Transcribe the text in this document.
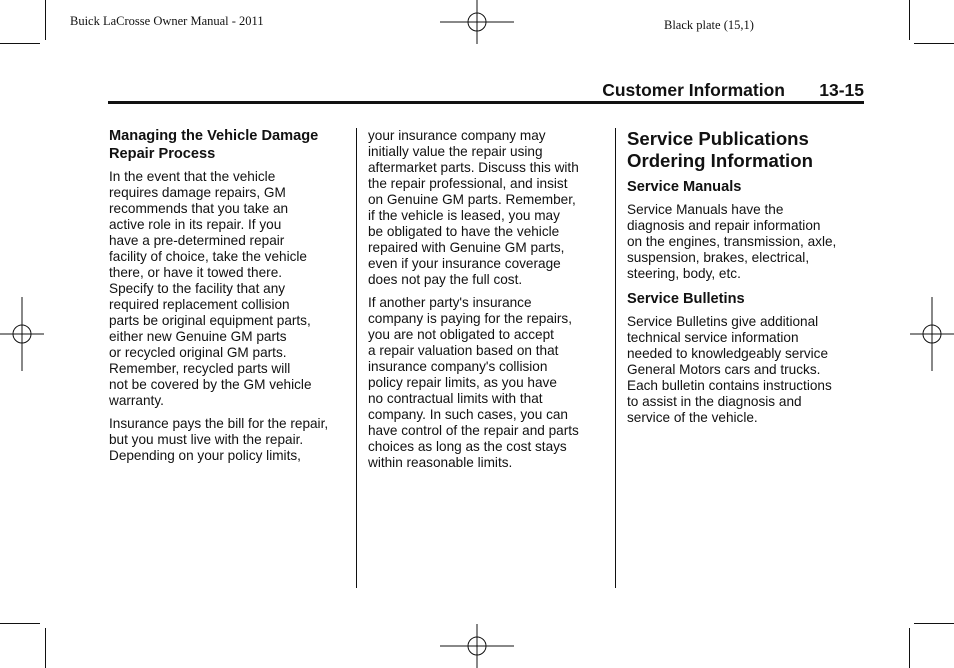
Buick LaCrosse Owner Manual - 2011	Black plate (15,1)
Customer Information 13-15
Managing the Vehicle Damage
Repair Process

In the event that the vehicle
requires damage repairs, GM
recommends that you take an
active role in its repair. If you
have a pre-determined repair
facility of choice, take the vehicle
there, or have it towed there.
Specify to the facility that any
required replacement collision
parts be original equipment parts,
either new Genuine GM parts
or recycled original GM parts.
Remember, recycled parts will
not be covered by the GM vehicle
warranty.

Insurance pays the bill for the repair,
but you must live with the repair.
Depending on your policy limits,

your insurance company may
initially value the repair using
aftermarket parts. Discuss this with
the repair professional, and insist
on Genuine GM parts. Remember,
if the vehicle is leased, you may
be obligated to have the vehicle
repaired with Genuine GM parts,
even if your insurance coverage
does not pay the full cost.

If another party's insurance
company is paying for the repairs,
you are not obligated to accept
a repair valuation based on that
insurance company's collision
policy repair limits, as you have
no contractual limits with that
company. In such cases, you can
have control of the repair and parts
choices as long as the cost stays
within reasonable limits.

Service Publications
Ordering Information
Service Manuals

Service Manuals have the
diagnosis and repair information
on the engines, transmission, axle,
suspension, brakes, electrical,
steering, body, etc.

Service Bulletins

Service Bulletins give additional
technical service information
needed to knowledgeably service
General Motors cars and trucks.
Each bulletin contains instructions
to assist in the diagnosis and
service of the vehicle.
